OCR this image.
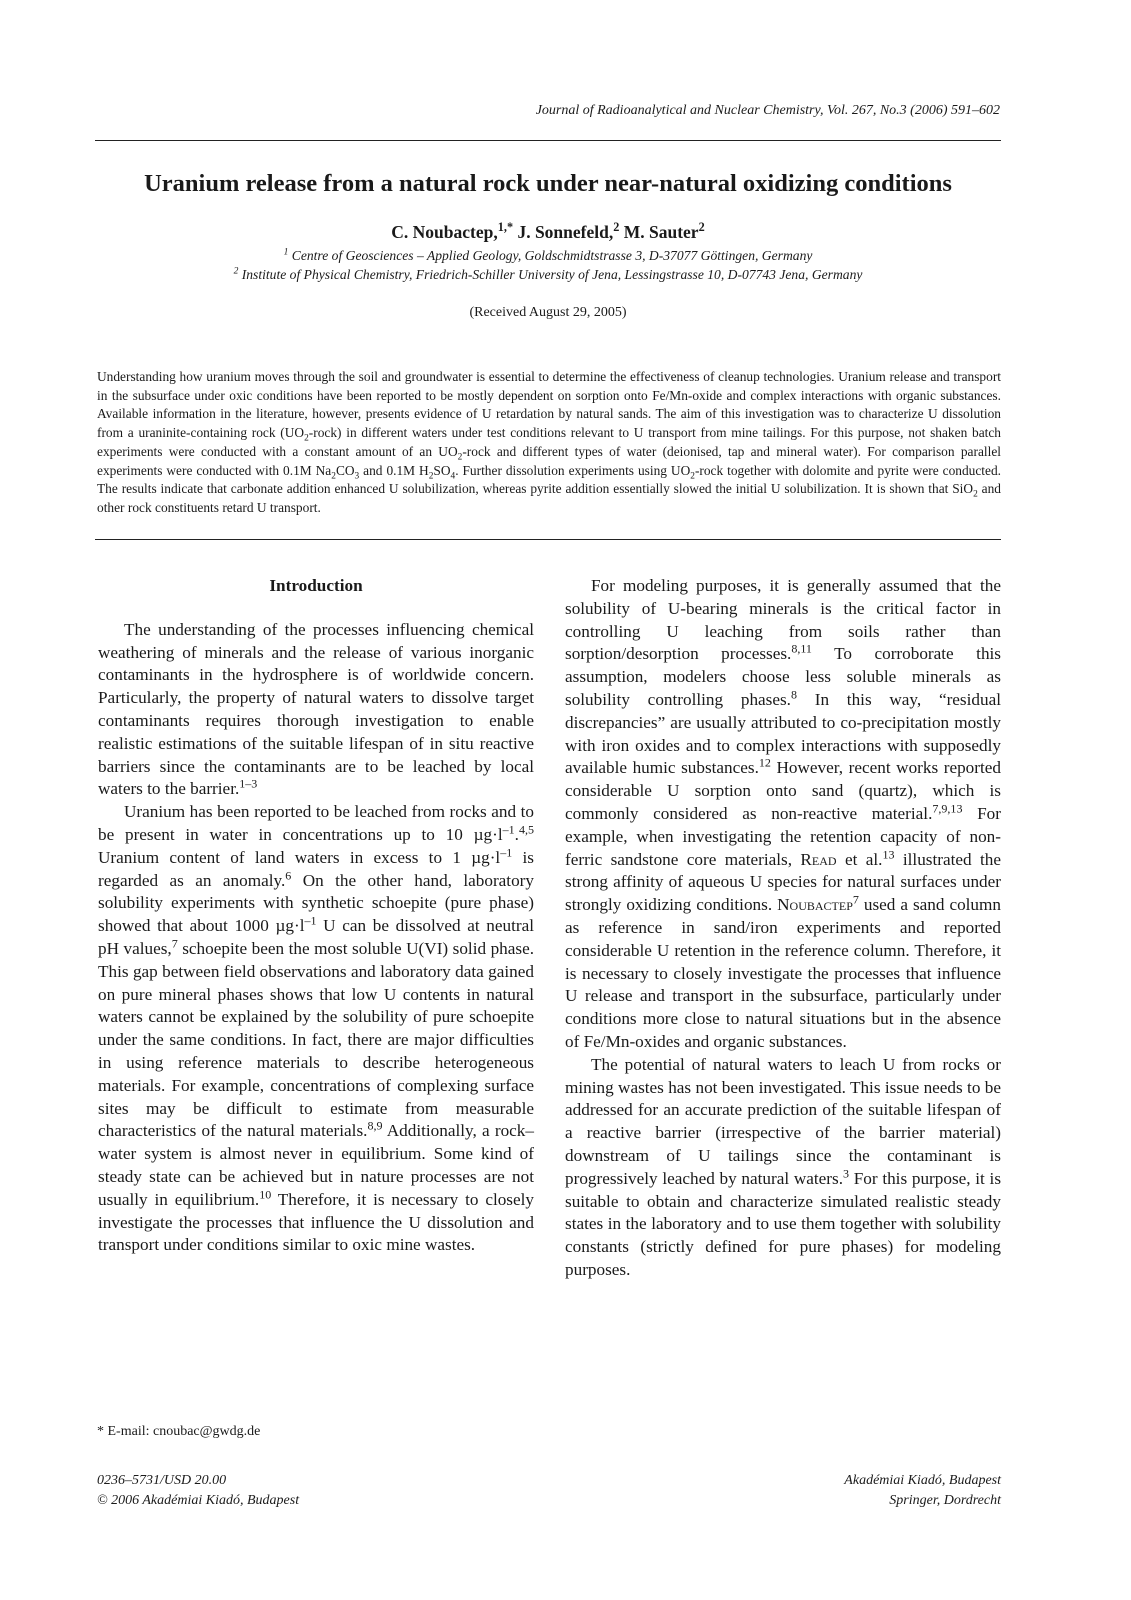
Journal of Radioanalytical and Nuclear Chemistry, Vol. 267, No.3 (2006) 591–602
Uranium release from a natural rock under near-natural oxidizing conditions
C. Noubactep,$^{1,*}$ J. Sonnefeld,$^2$ M. Sauter$^2$
$^1$ Centre of Geosciences – Applied Geology, Goldschmidtstrasse 3, D-37077 Göttingen, Germany
$^2$ Institute of Physical Chemistry, Friedrich-Schiller University of Jena, Lessingstrasse 10, D-07743 Jena, Germany
(Received August 29, 2005)
Understanding how uranium moves through the soil and groundwater is essential to determine the effectiveness of cleanup technologies. Uranium release and transport in the subsurface under oxic conditions have been reported to be mostly dependent on sorption onto Fe/Mn-oxide and complex interactions with organic substances. Available information in the literature, however, presents evidence of U retardation by natural sands. The aim of this investigation was to characterize U dissolution from a uraninite-containing rock $(UO_2-rock)$ in different waters under test conditions relevant to U transport from mine tailings. For this purpose, not shaken batch experiments were conducted with a constant amount of an $UO_2$-rock and different types of water (deionised, tap and mineral water). For comparison parallel experiments were conducted with 0.1M $Na_2CO_3$ and 0.1M $H_2SO_4$. Further dissolution experiments using $UO_2$-rock together with dolomite and pyrite were conducted. The results indicate that carbonate addition enhanced U solubilization, whereas pyrite addition essentially slowed the initial U solubilization. It is shown that SiO$_2$ and other rock constituents retard U transport.

Introduction

The understanding of the processes influencing chemical weathering of minerals and the release of various inorganic contaminants in the hydrosphere is of worldwide concern. Particularly, the property of natural waters to dissolve target contaminants requires thorough investigation to enable realistic estimations of the suitable lifespan of in situ reactive barriers since the contaminants are to be leached by local waters to the barrier.$^{1-3}$

Uranium has been reported to be leached from rocks and to be present in water in concentrations up to 10 $\mu g\cdot l^{-1}.^{4,5}$ Uranium content of land waters in excess to 1 $\mu g\cdot l^{-1}$ is regarded as an anomaly.$^6$ On the other hand, laboratory solubility experiments with synthetic schoepite (pure phase) showed that about 1000 $\mu g\cdot l^{-1}$ U can be dissolved at neutral pH values,$^7$ schoepite been the most soluble U(VI) solid phase. This gap between field observations and laboratory data gained on pure mineral phases shows that low U contents in natural waters cannot be explained by the solubility of pure schoepite under the same conditions. In fact, there are major difficulties in using reference materials to describe heterogeneous materials. For example, concentrations of complexing surface sites may be difficult to estimate from measurable characteristics of the natural materials.$^{8,9}$ Additionally, a rock–water system is almost never in equilibrium. Some kind of steady state can be achieved but in nature processes are not usually in equilibrium.$^{10}$ Therefore, it is necessary to closely investigate the processes that influence the U dissolution and transport under conditions similar to oxic mine wastes.

For modeling purposes, it is generally assumed that the solubility of U-bearing minerals is the critical factor in controlling U leaching from soils rather than sorption/desorption processes.$^{8,11}$ To corroborate this assumption, modelers choose less soluble minerals as solubility controlling phases.$^8$ In this way, “residual discrepancies” are usually attributed to co-precipitation mostly with iron oxides and to complex interactions with supposedly available humic substances.$^{12}$ However, recent works reported considerable U sorption onto sand (quartz), which is commonly considered as non-reactive material.$^{7,9,13}$ For example, when investigating the retention capacity of non-ferric sandstone core materials, Read et al.$^{13}$ illustrated the strong affinity of aqueous U species for natural surfaces under strongly oxidizing conditions. Noubactep$^7$ used a sand column as reference in sand/iron experiments and reported considerable U retention in the reference column. Therefore, it is necessary to closely investigate the processes that influence U release and transport in the subsurface, particularly under conditions more close to natural situations but in the absence of Fe/Mn-oxides and organic substances.

The potential of natural waters to leach U from rocks or mining wastes has not been investigated. This issue needs to be addressed for an accurate prediction of the suitable lifespan of a reactive barrier (irrespective of the barrier material) downstream of U tailings since the contaminant is progressively leached by natural waters.$^3$ For this purpose, it is suitable to obtain and characterize simulated realistic steady states in the laboratory and to use them together with solubility constants (strictly defined for pure phases) for modeling purposes.

* E-mail: cnoubac@gwdg.de
0236–5731/USD 20.00
© 2006 Akadémiai Kiadó, Budapest
Akadémiai Kiadó, Budapest
Springer, Dordrecht
